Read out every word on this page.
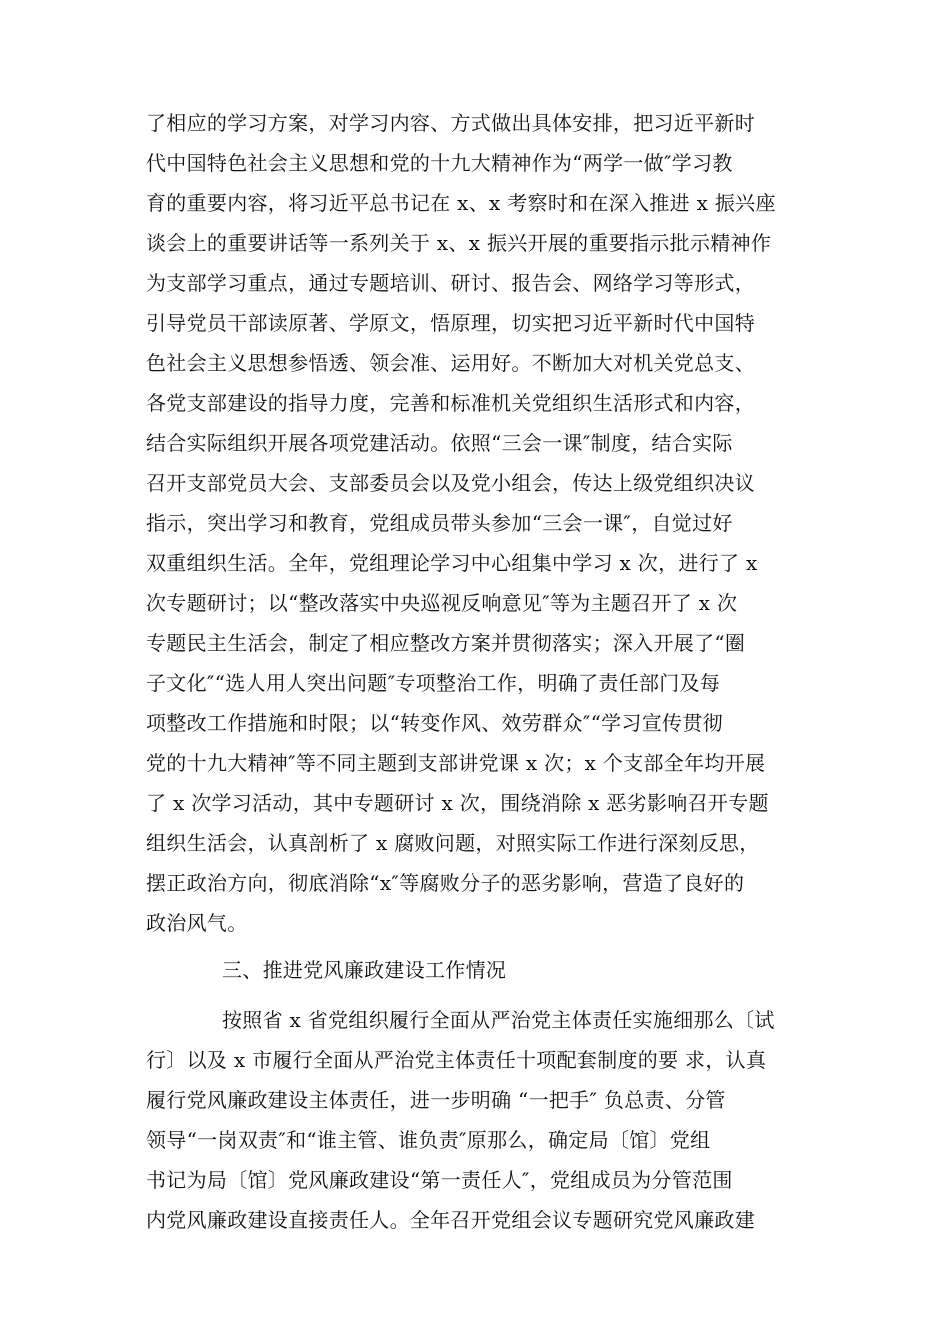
了相应的学习方案，对学习内容、方式做出具体安排，把习近平新时
代中国特色社会主义思想和党的十九大精神作为“两学一做″学习教
育的重要内容，将习近平总书记在 x、x 考察时和在深入推进 x 振兴座
谈会上的重要讲话等一系列关于 x、x 振兴开展的重要指示批示精神作
为支部学习重点，通过专题培训、研讨、报告会、网络学习等形式，
引导党员干部读原著、学原文，悟原理，切实把习近平新时代中国特
色社会主义思想参悟透、领会准、运用好。不断加大对机关党总支、
各党支部建设的指导力度，完善和标准机关党组织生活形式和内容，
结合实际组织开展各项党建活动。依照“三会一课″制度，结合实际
召开支部党员大会、支部委员会以及党小组会，传达上级党组织决议
指示，突出学习和教育，党组成员带头参加“三会一课″，自觉过好
双重组织生活。全年，党组理论学习中心组集中学习 x 次，进行了 x
次专题研讨；以“整改落实中央巡视反响意见″等为主题召开了 x 次
专题民主生活会，制定了相应整改方案并贯彻落实；深入开展了“圈
子文化″“选人用人突出问题″专项整治工作，明确了责任部门及每
项整改工作措施和时限；以“转变作风、效劳群众″“学习宣传贯彻
党的十九大精神″等不同主题到支部讲党课 x 次；x 个支部全年均开展
了 x 次学习活动，其中专题研讨 x 次，围绕消除 x 恶劣影响召开专题
组织生活会，认真剖析了 x 腐败问题，对照实际工作进行深刻反思，
摆正政治方向，彻底消除“x″等腐败分子的恶劣影响，营造了良好的
政治风气。
三、推进党风廉政建设工作情况
按照省 x 省党组织履行全面从严治党主体责任实施细那么〔试
行〕以及 x 市履行全面从严治党主体责任十项配套制度的要 求，认真
履行党风廉政建设主体责任，进一步明确 “一把手″ 负总责、分管
领导“一岗双责″和“谁主管、谁负责″原那么，确定局〔馆〕党组
书记为局〔馆〕党风廉政建设“第一责任人″，党组成员为分管范围
内党风廉政建设直接责任人。全年召开党组会议专题研究党风廉政建
